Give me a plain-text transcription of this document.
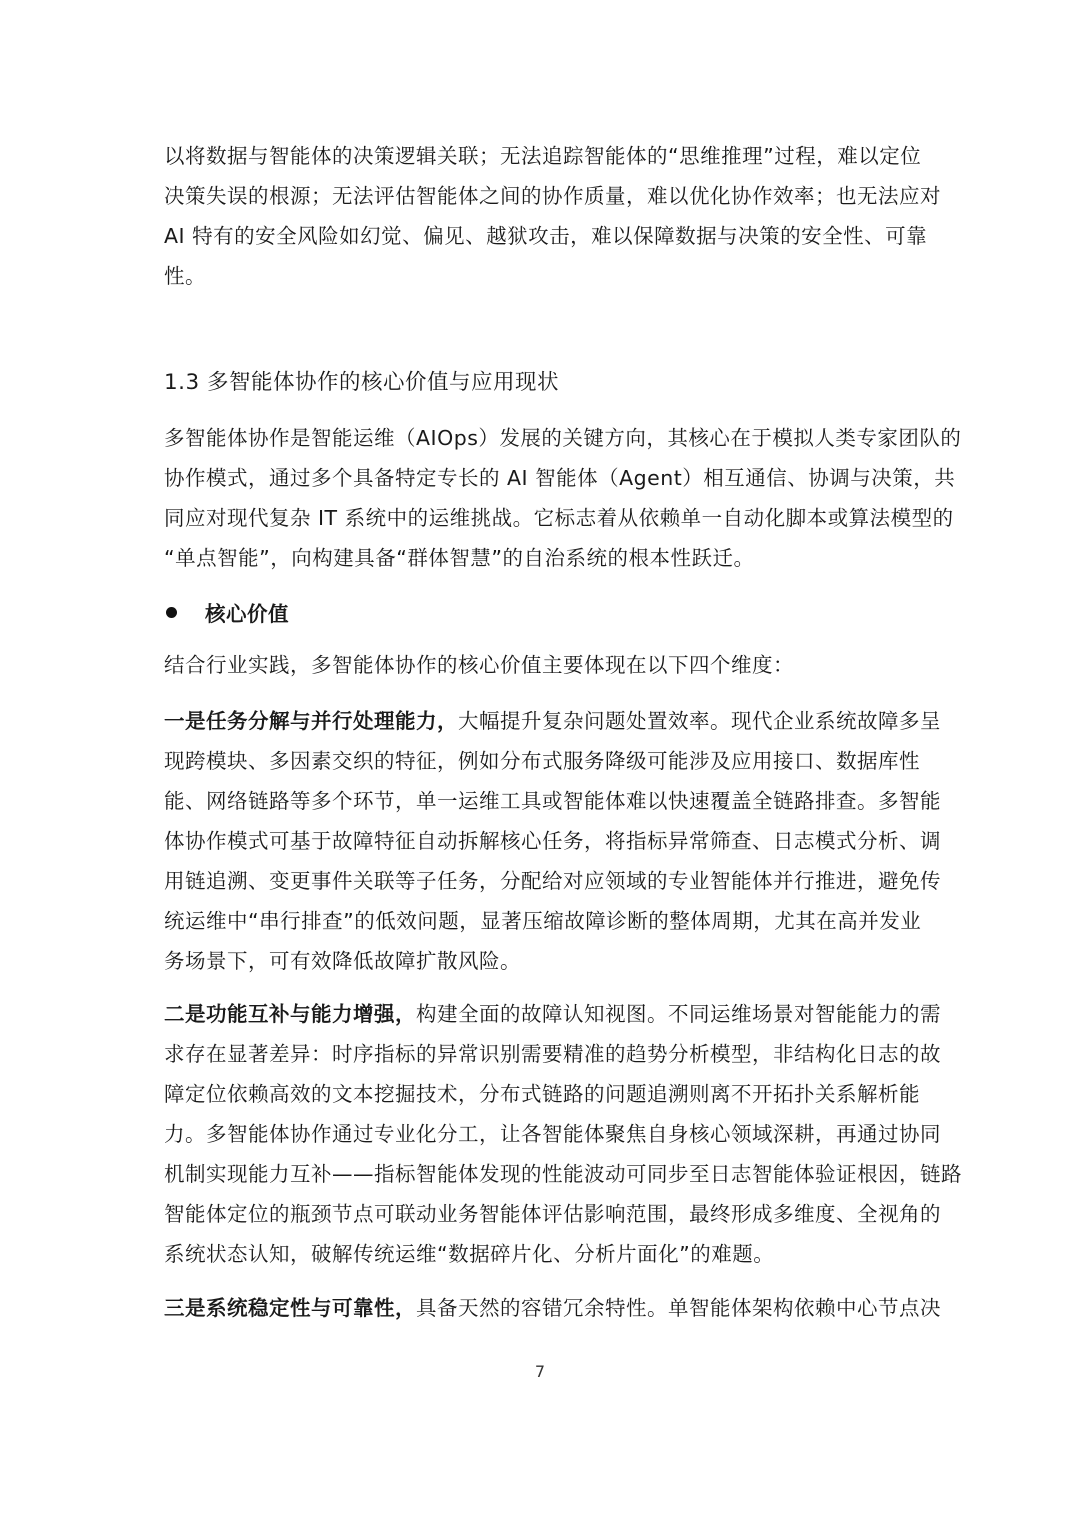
以将数据与智能体的决策逻辑关联；无法追踪智能体的“思维推理”过程，难以定位
决策失误的根源；无法评估智能体之间的协作质量，难以优化协作效率；也无法应对
AI 特有的安全风险如幻觉、偏见、越狱攻击，难以保障数据与决策的安全性、可靠
性。
1.3 多智能体协作的核心价值与应用现状
多智能体协作是智能运维（AIOps）发展的关键方向，其核心在于模拟人类专家团队的
协作模式，通过多个具备特定专长的 AI 智能体（Agent）相互通信、协调与决策，共
同应对现代复杂 IT 系统中的运维挑战。它标志着从依赖单一自动化脚本或算法模型的
“单点智能”，向构建具备“群体智慧”的自治系统的根本性跃迁。
核心价值
结合行业实践，多智能体协作的核心价值主要体现在以下四个维度：
一是任务分解与并行处理能力，大幅提升复杂问题处置效率。现代企业系统故障多呈
现跨模块、多因素交织的特征，例如分布式服务降级可能涉及应用接口、数据库性
能、网络链路等多个环节，单一运维工具或智能体难以快速覆盖全链路排查。多智能
体协作模式可基于故障特征自动拆解核心任务，将指标异常筛查、日志模式分析、调
用链追溯、变更事件关联等子任务，分配给对应领域的专业智能体并行推进，避免传
统运维中“串行排查”的低效问题，显著压缩故障诊断的整体周期，尤其在高并发业
务场景下，可有效降低故障扩散风险。
二是功能互补与能力增强，构建全面的故障认知视图。不同运维场景对智能能力的需
求存在显著差异：时序指标的异常识别需要精准的趋势分析模型，非结构化日志的故
障定位依赖高效的文本挖掘技术，分布式链路的问题追溯则离不开拓扑关系解析能
力。多智能体协作通过专业化分工，让各智能体聚焦自身核心领域深耕，再通过协同
机制实现能力互补——指标智能体发现的性能波动可同步至日志智能体验证根因，链路
智能体定位的瓶颈节点可联动业务智能体评估影响范围，最终形成多维度、全视角的
系统状态认知，破解传统运维“数据碎片化、分析片面化”的难题。
三是系统稳定性与可靠性，具备天然的容错冗余特性。单智能体架构依赖中心节点决
7
